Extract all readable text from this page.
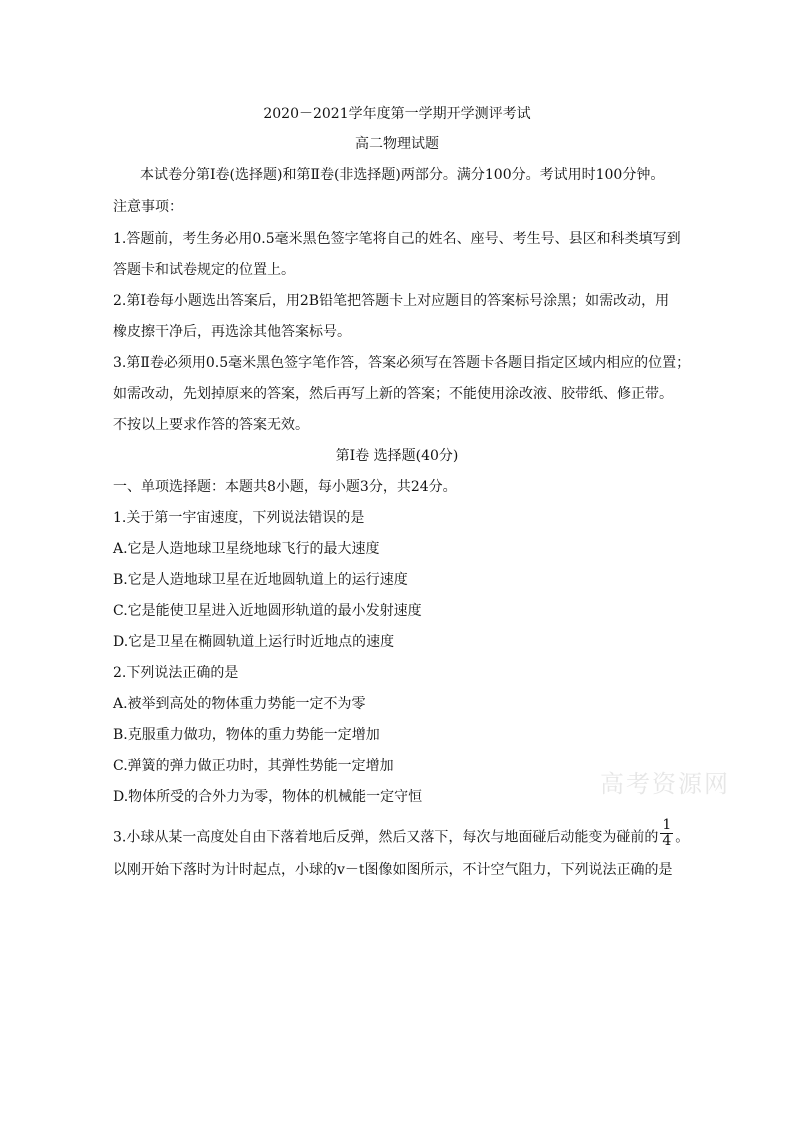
2020－2021学年度第一学期开学测评考试
高二物理试题
本试卷分第Ⅰ卷(选择题)和第Ⅱ卷(非选择题)两部分。满分100分。考试用时100分钟。
注意事项：
1.答题前，考生务必用0.5毫米黑色签字笔将自己的姓名、座号、考生号、县区和科类填写到
答题卡和试卷规定的位置上。
2.第Ⅰ卷每小题选出答案后，用2B铅笔把答题卡上对应题目的答案标号涂黑；如需改动，用
橡皮擦干净后，再选涂其他答案标号。
3.第Ⅱ卷必须用0.5毫米黑色签字笔作答，答案必须写在答题卡各题目指定区域内相应的位置；
如需改动，先划掉原来的答案，然后再写上新的答案；不能使用涂改液、胶带纸、修正带。
不按以上要求作答的答案无效。
第Ⅰ卷 选择题(40分)
一、单项选择题：本题共8小题，每小题3分，共24分。
1.关于第一宇宙速度，下列说法错误的是
A.它是人造地球卫星绕地球飞行的最大速度
B.它是人造地球卫星在近地圆轨道上的运行速度
C.它是能使卫星进入近地圆形轨道的最小发射速度
D.它是卫星在椭圆轨道上运行时近地点的速度
2.下列说法正确的是
A.被举到高处的物体重力势能一定不为零
B.克服重力做功，物体的重力势能一定增加
C.弹簧的弹力做正功时，其弹性势能一定增加
D.物体所受的合外力为零，物体的机械能一定守恒
3.小球从某一高度处自由下落着地后反弹，然后又落下，每次与地面碰后动能变为碰前的 $\frac{1}{4}$ 。
以刚开始下落时为计时起点，小球的v－t图像如图所示，不计空气阻力，下列说法正确的是
高考资源网
